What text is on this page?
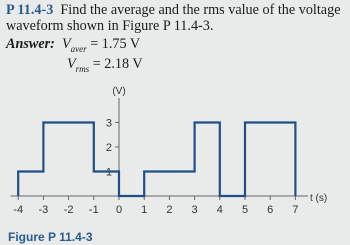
P 11.4-3 Find the average and the rms value of the voltage waveform shown in Figure P 11.4-3.
Answer: $V_{aver} = 1.75$ V
$V_{rms} = 2.18$ V
-4 -3 -2 -1 0 1 2 3 4 5 6 7
1
2
3
(V)
t (s)
Figure P 11.4-3
